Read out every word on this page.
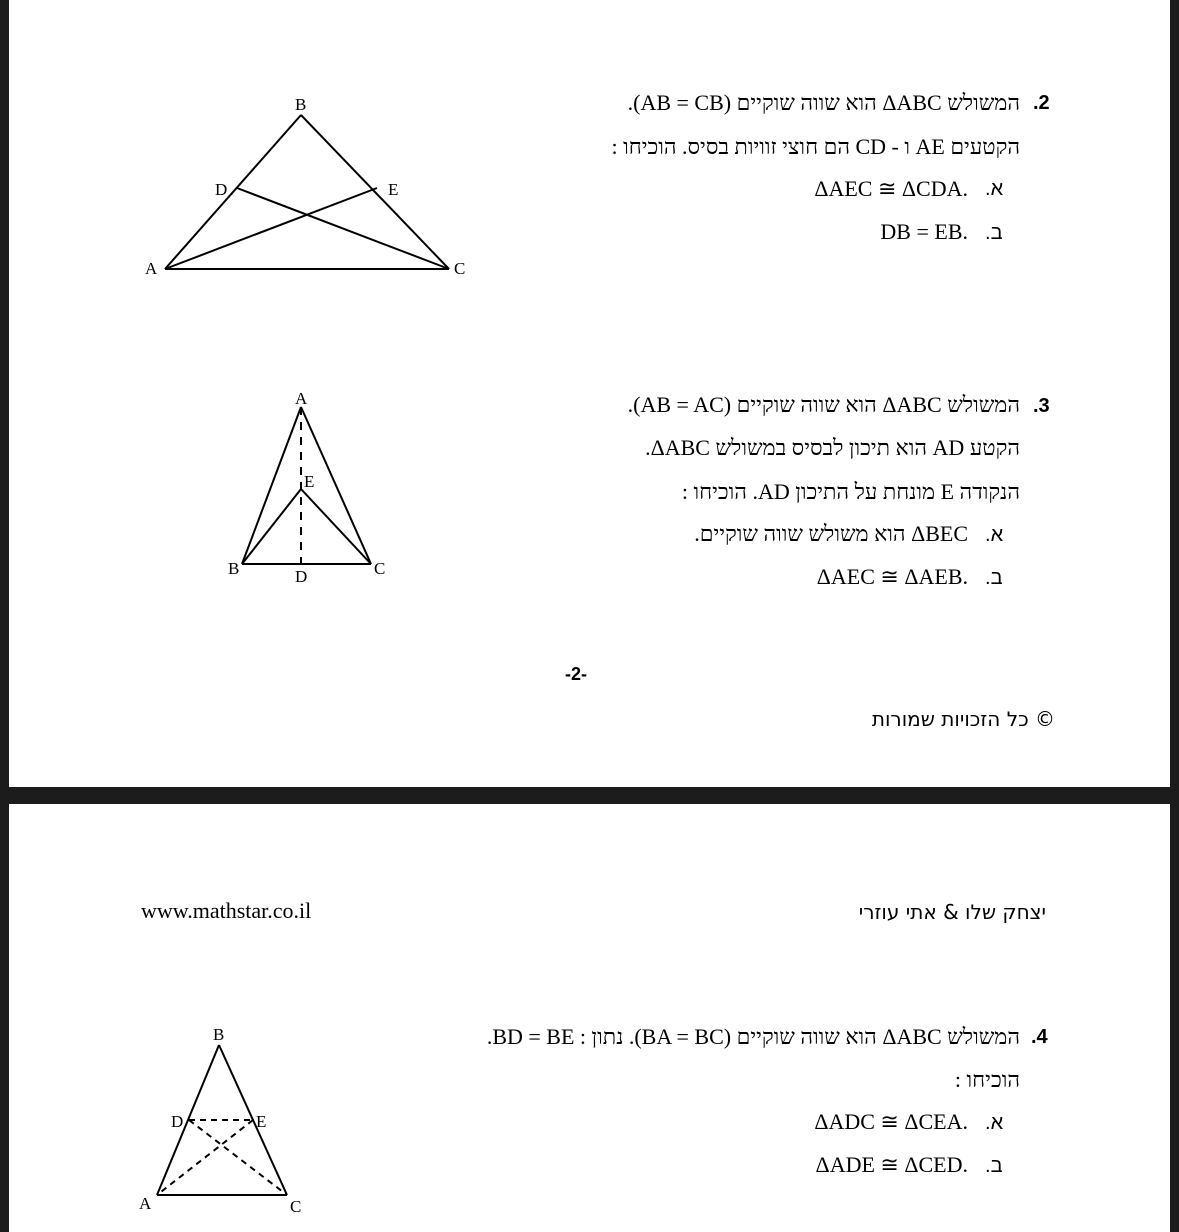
.2
המשולש ΔABC הוא שווה שוקיים (AB = CB).
הקטעים AE ו - CD הם חוצי זוויות בסיס. הוכיחו :
.א
.ΔAEC ≅ ΔCDA
.ב
.DB = EB
B
D	E
A	C
.3
המשולש ΔABC הוא שווה שוקיים (AB = AC).
הקטע AD הוא תיכון לבסיס במשולש ΔABC.
הנקודה E מונחת על התיכון AD. הוכיחו :
.א
ΔBEC הוא משולש שווה שוקיים.
.ב
.ΔAEC ≅ ΔAEB
A
E
B	D	C
-2-
© כל הזכויות שמורות
www.mathstar.co.il	יצחק שלו & אתי עוזרי
.4
המשולש ΔABC הוא שווה שוקיים (BA = BC). נתון : BD = BE.
הוכיחו :
.א
.ΔADC ≅ ΔCEA
.ב
.ΔADE ≅ ΔCED
B
D	E
A	C
